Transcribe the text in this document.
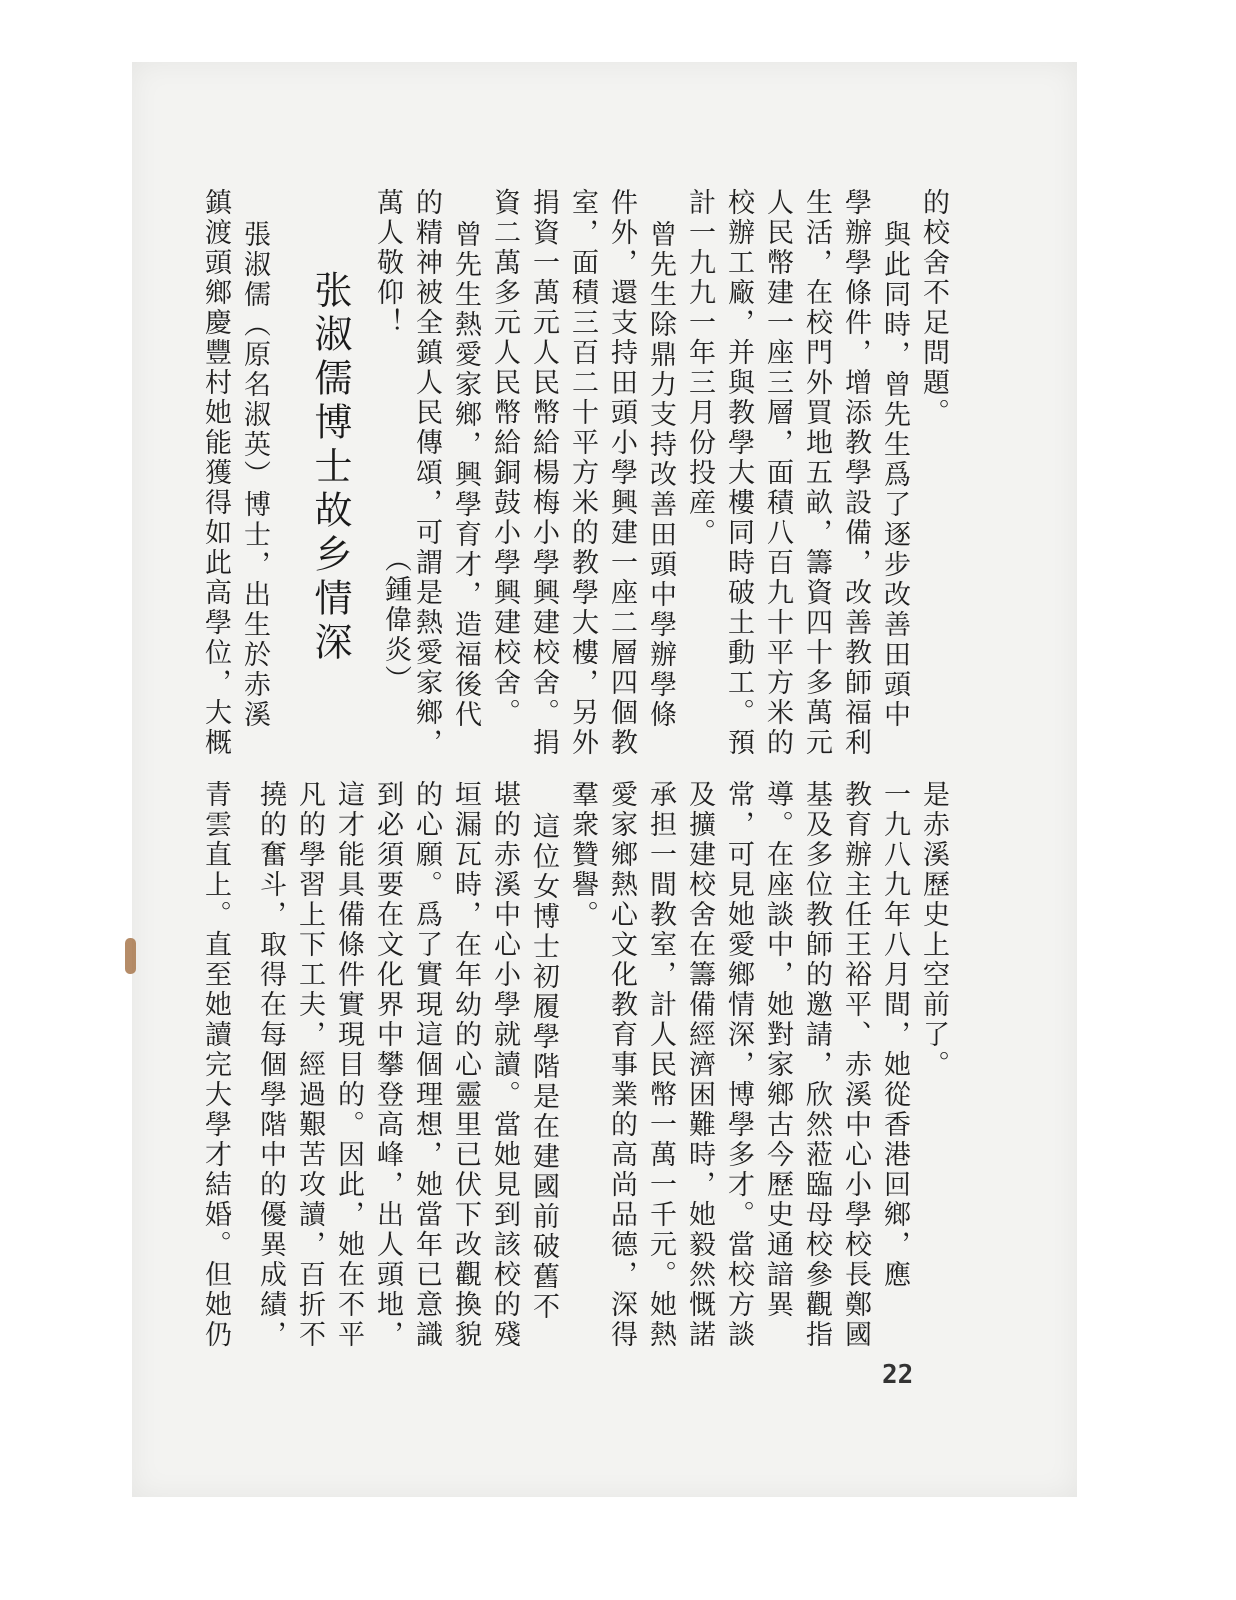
的校舍不足問題。
與此同時，曾先生爲了逐步改善田頭中
學辦學條件，增添教學設備，改善教師福利
生活，在校門外買地五畝，籌資四十多萬元
人民幣建一座三層，面積八百九十平方米的
校辦工廠，并與教學大樓同時破土動工。預
計一九九一年三月份投産。
曾先生除鼎力支持改善田頭中學辦學條
件外，還支持田頭小學興建一座二層四個教
室，面積三百二十平方米的教學大樓，另外
捐資一萬元人民幣給楊梅小學興建校舍。捐
資二萬多元人民幣給銅鼓小學興建校舍。
曾先生熱愛家鄉，興學育才，造福後代
的精神被全鎮人民傳頌，可謂是熱愛家鄉，
萬人敬仰！
（鍾偉炎）
张淑儒博士故乡情深
張淑儒（原名淑英）博士，出生於赤溪
鎮渡頭鄉慶豐村她能獲得如此高學位，大概
是赤溪歷史上空前了。
一九八九年八月間，她從香港回鄉，應
教育辦主任王裕平、赤溪中心小學校長鄭國
基及多位教師的邀請，欣然蒞臨母校參觀指
導。在座談中，她對家鄉古今歷史通諳異
常，可見她愛鄉情深，博學多才。當校方談
及擴建校舍在籌備經濟困難時，她毅然慨諾
承担一間教室，計人民幣一萬一千元。她熱
愛家鄉熱心文化教育事業的高尚品德，深得
羣衆贊譽。
這位女博士初履學階是在建國前破舊不
堪的赤溪中心小學就讀。當她見到該校的殘
垣漏瓦時，在年幼的心靈里已伏下改觀換貌
的心願。爲了實現這個理想，她當年已意識
到必須要在文化界中攀登高峰，出人頭地，
這才能具備條件實現目的。因此，她在不平
凡的學習上下工夫，經過艱苦攻讀，百折不
撓的奮斗，取得在每個學階中的優異成績，
青雲直上。直至她讀完大學才結婚。但她仍
22
